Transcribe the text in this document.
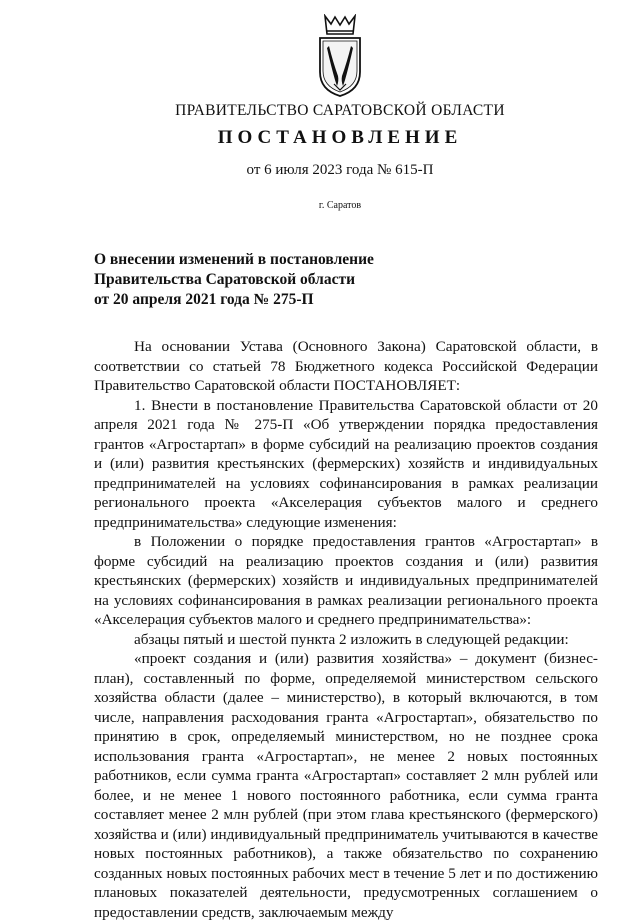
ПРАВИТЕЛЬСТВО САРАТОВСКОЙ ОБЛАСТИ
ПОСТАНОВЛЕНИЕ
от 6 июля 2023 года № 615-П
г. Саратов
О внесении изменений в постановление
Правительства Саратовской области
от 20 апреля 2021 года № 275-П

На основании Устава (Основного Закона) Саратовской области, в соответствии со статьей 78 Бюджетного кодекса Российской Федерации Правительство Саратовской области ПОСТАНОВЛЯЕТ:

1. Внести в постановление Правительства Саратовской области от 20 апреля 2021 года № 275-П «Об утверждении порядка предоставления грантов «Агростартап» в форме субсидий на реализацию проектов создания и (или) развития крестьянских (фермерских) хозяйств и индивидуальных предпринимателей на условиях софинансирования в рамках реализации регионального проекта «Акселерация субъектов малого и среднего предпринимательства» следующие изменения:

в Положении о порядке предоставления грантов «Агростартап» в форме субсидий на реализацию проектов создания и (или) развития крестьянских (фермерских) хозяйств и индивидуальных предпринимателей на условиях софинансирования в рамках реализации регионального проекта «Акселерация субъектов малого и среднего предпринимательства»:

абзацы пятый и шестой пункта 2 изложить в следующей редакции:

«проект создания и (или) развития хозяйства» – документ (бизнес-план), составленный по форме, определяемой министерством сельского хозяйства области (далее – министерство), в который включаются, в том числе, направления расходования гранта «Агростартап», обязательство по принятию в срок, определяемый министерством, но не позднее срока использования гранта «Агростартап», не менее 2 новых постоянных работников, если сумма гранта «Агростартап» составляет 2 млн рублей или более, и не менее 1 нового постоянного работника, если сумма гранта составляет менее 2 млн рублей (при этом глава крестьянского (фермерского) хозяйства и (или) индивидуальный предприниматель учитываются в качестве новых постоянных работников), а также обязательство по сохранению созданных новых постоянных рабочих мест в течение 5 лет и по достижению плановых показателей деятельности, предусмотренных соглашением о предоставлении средств, заключаемым между
